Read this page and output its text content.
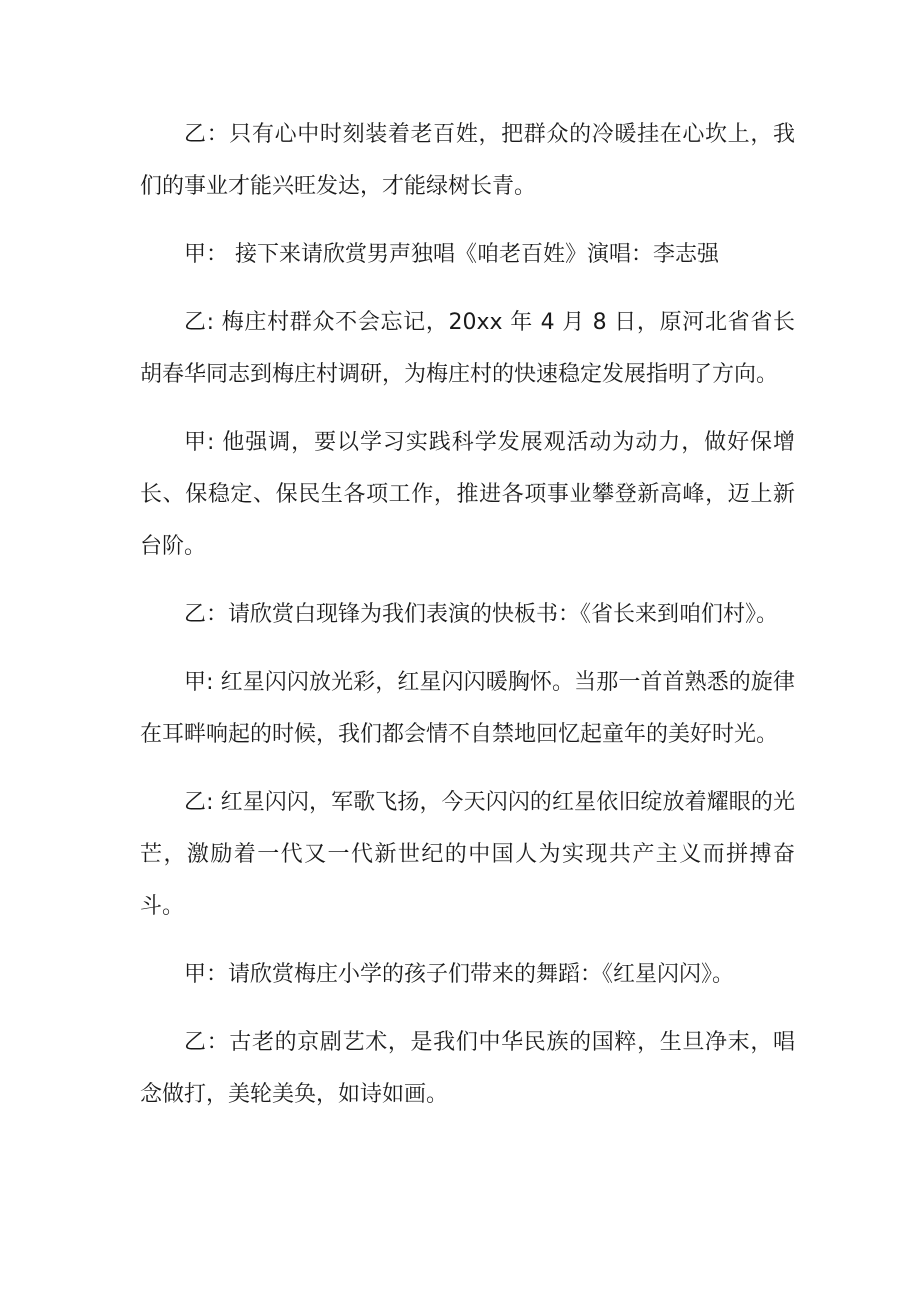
乙：只有心中时刻装着老百姓，把群众的冷暖挂在心坎上，我们的事业才能兴旺发达，才能绿树长青。

甲： 接下来请欣赏男声独唱《咱老百姓》演唱：李志强

乙: 梅庄村群众不会忘记，20xx 年 4 月 8 日，原河北省省长胡春华同志到梅庄村调研，为梅庄村的快速稳定发展指明了方向。

甲: 他强调，要以学习实践科学发展观活动为动力，做好保增长、保稳定、保民生各项工作，推进各项事业攀登新高峰，迈上新台阶。

乙：请欣赏白现锋为我们表演的快板书：《省长来到咱们村》。

甲: 红星闪闪放光彩，红星闪闪暖胸怀。当那一首首熟悉的旋律在耳畔响起的时候，我们都会情不自禁地回忆起童年的美好时光。

乙: 红星闪闪，军歌飞扬，今天闪闪的红星依旧绽放着耀眼的光芒，激励着一代又一代新世纪的中国人为实现共产主义而拼搏奋斗。

甲：请欣赏梅庄小学的孩子们带来的舞蹈：《红星闪闪》。

乙：古老的京剧艺术，是我们中华民族的国粹，生旦净末，唱念做打，美轮美奂，如诗如画。
